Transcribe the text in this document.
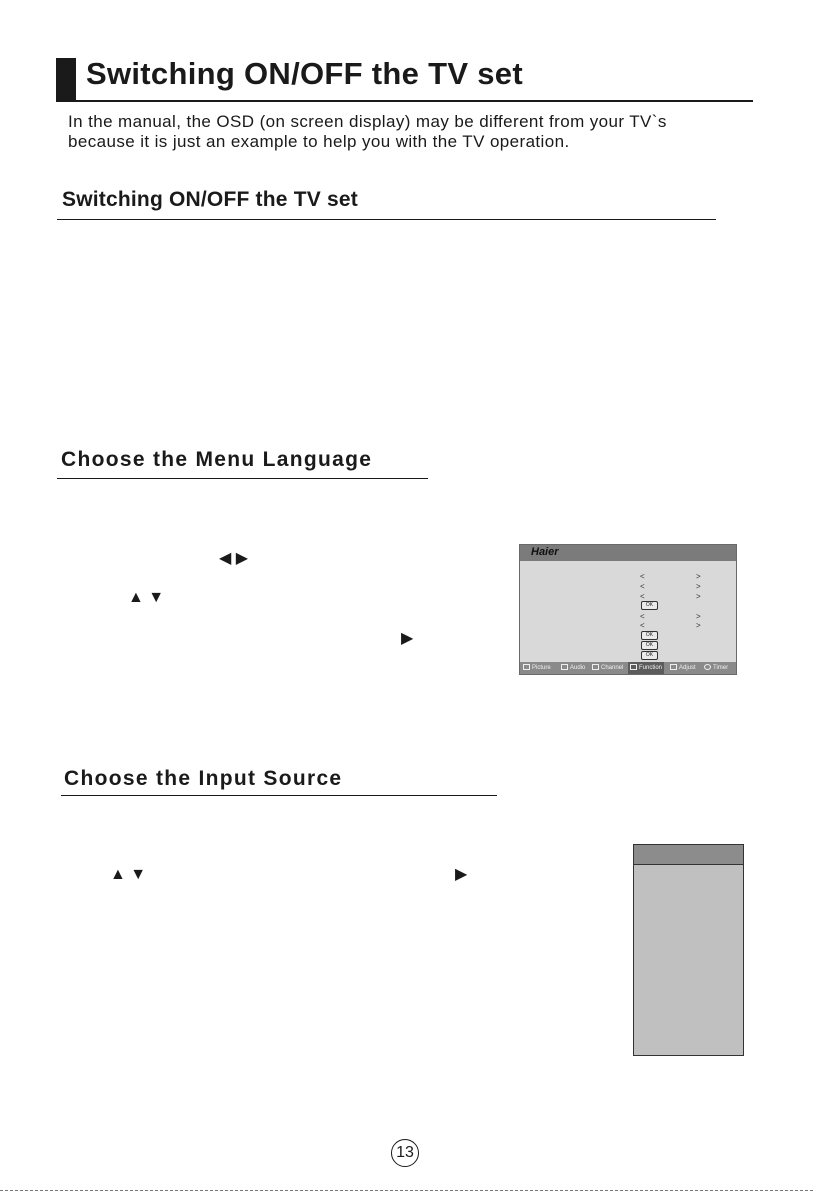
Switching ON/OFF the TV set
In the manual, the OSD (on screen display) may be different from your TV`s
because it is just an example to help you with the TV operation.
Switching ON/OFF the TV set
Choose the Menu Language
◀ ▶
▲ ▼
▶
Haier
<	>
<	>
<	>
OK
<	>
<	>
OK
OK
OK
Picture	Audio	Channel	Function	Adjust	Timer
Choose the Input Source
▲ ▼	▶
13
